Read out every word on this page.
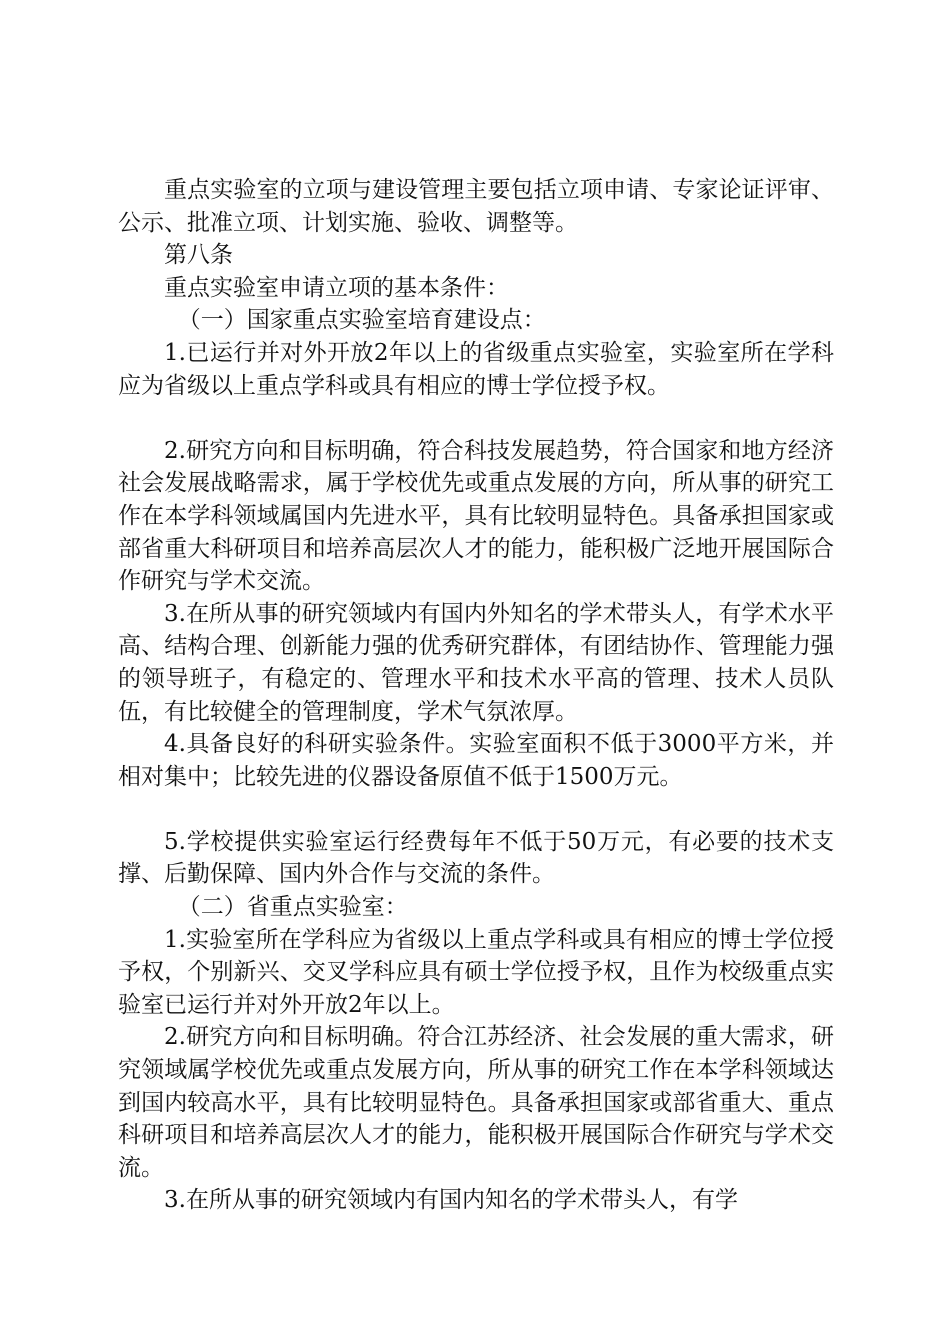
重点实验室的立项与建设管理主要包括立项申请、专家论证评审、公示、批准立项、计划实施、验收、调整等。

第八条

重点实验室申请立项的基本条件：

（一）国家重点实验室培育建设点：

1.已运行并对外开放2年以上的省级重点实验室，实验室所在学科应为省级以上重点学科或具有相应的博士学位授予权。

2.研究方向和目标明确，符合科技发展趋势，符合国家和地方经济社会发展战略需求，属于学校优先或重点发展的方向，所从事的研究工作在本学科领域属国内先进水平，具有比较明显特色。具备承担国家或部省重大科研项目和培养高层次人才的能力，能积极广泛地开展国际合作研究与学术交流。

3.在所从事的研究领域内有国内外知名的学术带头人，有学术水平高、结构合理、创新能力强的优秀研究群体，有团结协作、管理能力强的领导班子，有稳定的、管理水平和技术水平高的管理、技术人员队伍，有比较健全的管理制度，学术气氛浓厚。

4.具备良好的科研实验条件。实验室面积不低于3000平方米，并相对集中；比较先进的仪器设备原值不低于1500万元。

5.学校提供实验室运行经费每年不低于50万元，有必要的技术支撑、后勤保障、国内外合作与交流的条件。

（二）省重点实验室：

1.实验室所在学科应为省级以上重点学科或具有相应的博士学位授予权，个别新兴、交叉学科应具有硕士学位授予权，且作为校级重点实验室已运行并对外开放2年以上。

2.研究方向和目标明确。符合江苏经济、社会发展的重大需求，研究领域属学校优先或重点发展方向，所从事的研究工作在本学科领域达到国内较高水平，具有比较明显特色。具备承担国家或部省重大、重点科研项目和培养高层次人才的能力，能积极开展国际合作研究与学术交流。

3.在所从事的研究领域内有国内知名的学术带头人，有学
